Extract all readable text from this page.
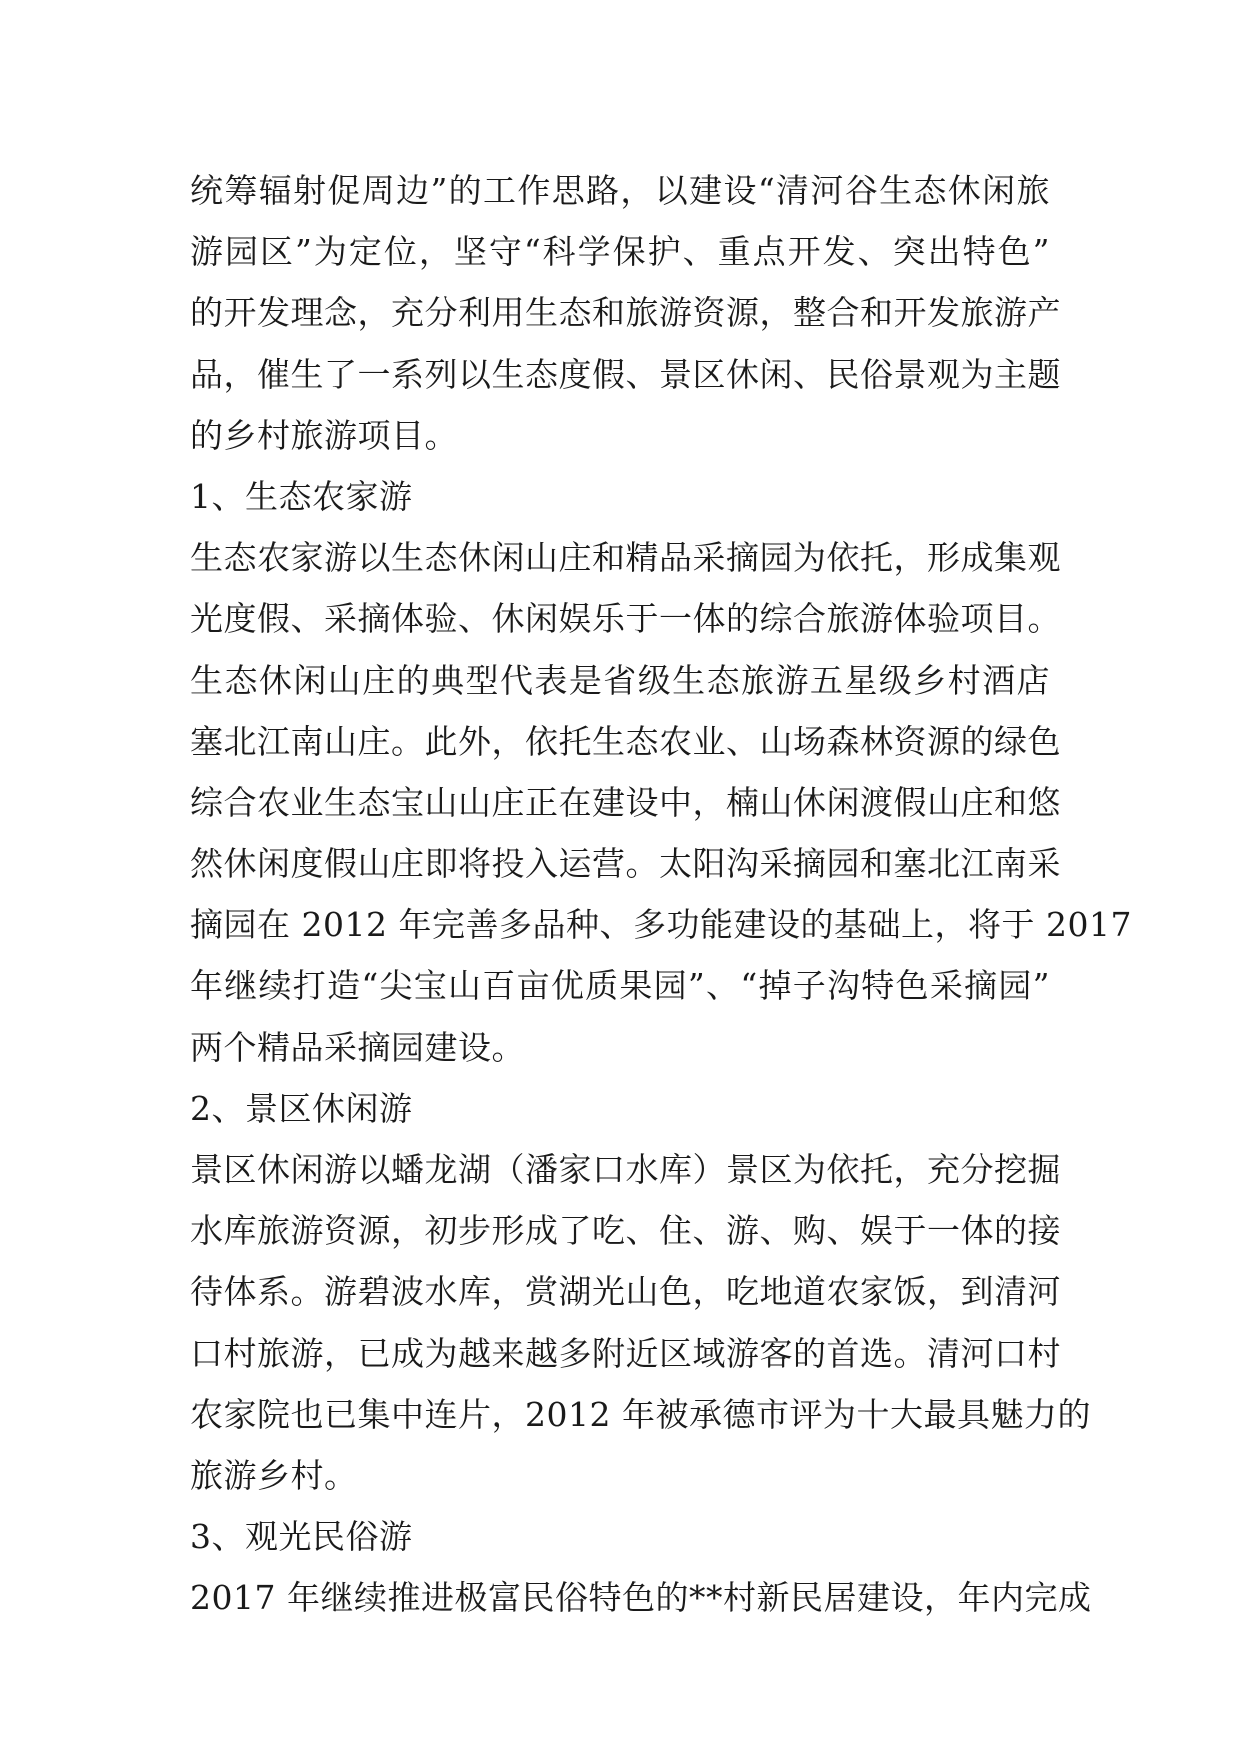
统筹辐射促周边”的工作思路，以建设“清河谷生态休闲旅
游园区”为定位，坚守“科学保护、重点开发、突出特色”
的开发理念，充分利用生态和旅游资源，整合和开发旅游产
品，催生了一系列以生态度假、景区休闲、民俗景观为主题
的乡村旅游项目。
1、生态农家游
生态农家游以生态休闲山庄和精品采摘园为依托，形成集观
光度假、采摘体验、休闲娱乐于一体的综合旅游体验项目。
生态休闲山庄的典型代表是省级生态旅游五星级乡村酒店
塞北江南山庄。此外，依托生态农业、山场森林资源的绿色
综合农业生态宝山山庄正在建设中，楠山休闲渡假山庄和悠
然休闲度假山庄即将投入运营。太阳沟采摘园和塞北江南采
摘园在 2012 年完善多品种、多功能建设的基础上，将于 2017
年继续打造“尖宝山百亩优质果园”、“掉子沟特色采摘园”
两个精品采摘园建设。
2、景区休闲游
景区休闲游以蟠龙湖（潘家口水库）景区为依托，充分挖掘
水库旅游资源，初步形成了吃、住、游、购、娱于一体的接
待体系。游碧波水库，赏湖光山色，吃地道农家饭，到清河
口村旅游，已成为越来越多附近区域游客的首选。清河口村
农家院也已集中连片，2012 年被承德市评为十大最具魅力的
旅游乡村。
3、观光民俗游
2017 年继续推进极富民俗特色的**村新民居建设，年内完成
